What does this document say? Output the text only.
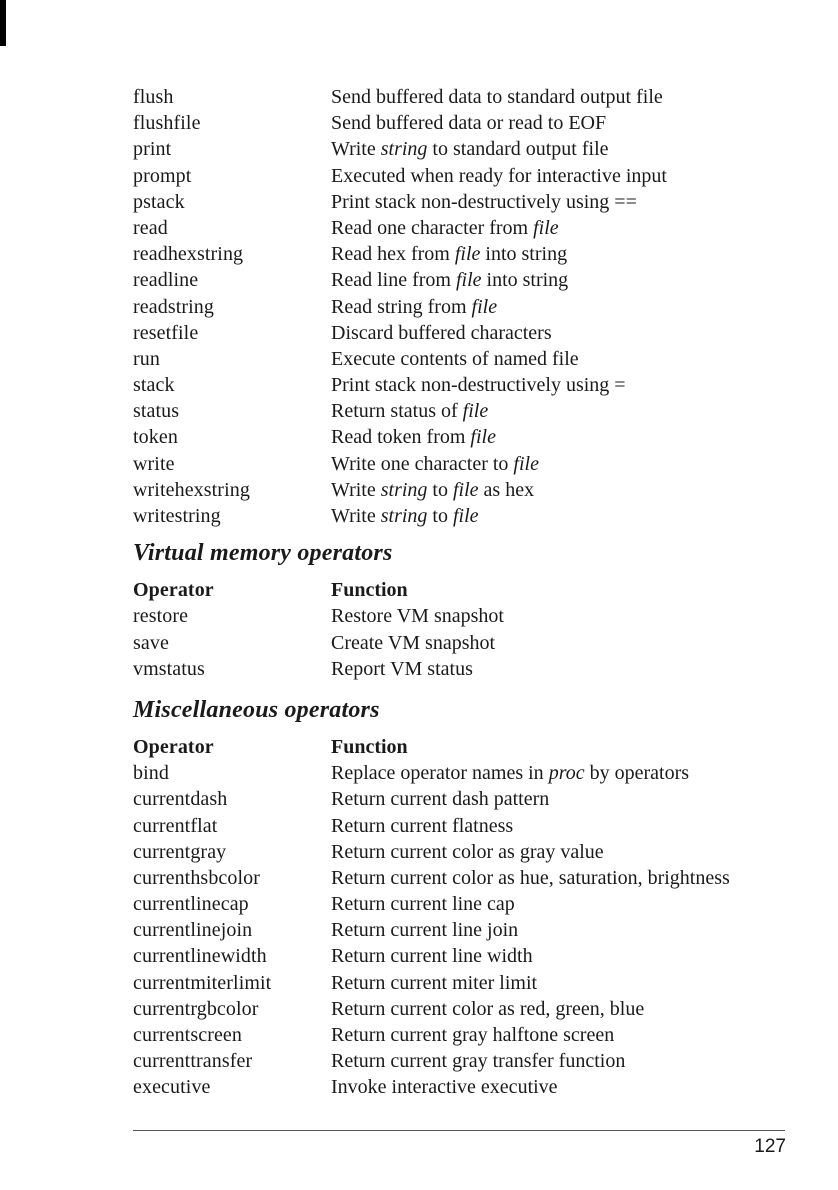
flush	Send buffered data to standard output file
flushfile	Send buffered data or read to EOF
print	Write string to standard output file
prompt	Executed when ready for interactive input
pstack	Print stack non-destructively using ==
read	Read one character from file
readhexstring	Read hex from file into string
readline	Read line from file into string
readstring	Read string from file
resetfile	Discard buffered characters
run	Execute contents of named file
stack	Print stack non-destructively using =
status	Return status of file
token	Read token from file
write	Write one character to file
writehexstring	Write string to file as hex
writestring	Write string to file
Virtual memory operators
Operator	Function
restore	Restore VM snapshot
save	Create VM snapshot
vmstatus	Report VM status
Miscellaneous operators
Operator	Function
bind	Replace operator names in proc by operators
currentdash	Return current dash pattern
currentflat	Return current flatness
currentgray	Return current color as gray value
currenthsbcolor	Return current color as hue, saturation, brightness
currentlinecap	Return current line cap
currentlinejoin	Return current line join
currentlinewidth	Return current line width
currentmiterlimit	Return current miter limit
currentrgbcolor	Return current color as red, green, blue
currentscreen	Return current gray halftone screen
currenttransfer	Return current gray transfer function
executive	Invoke interactive executive
127
